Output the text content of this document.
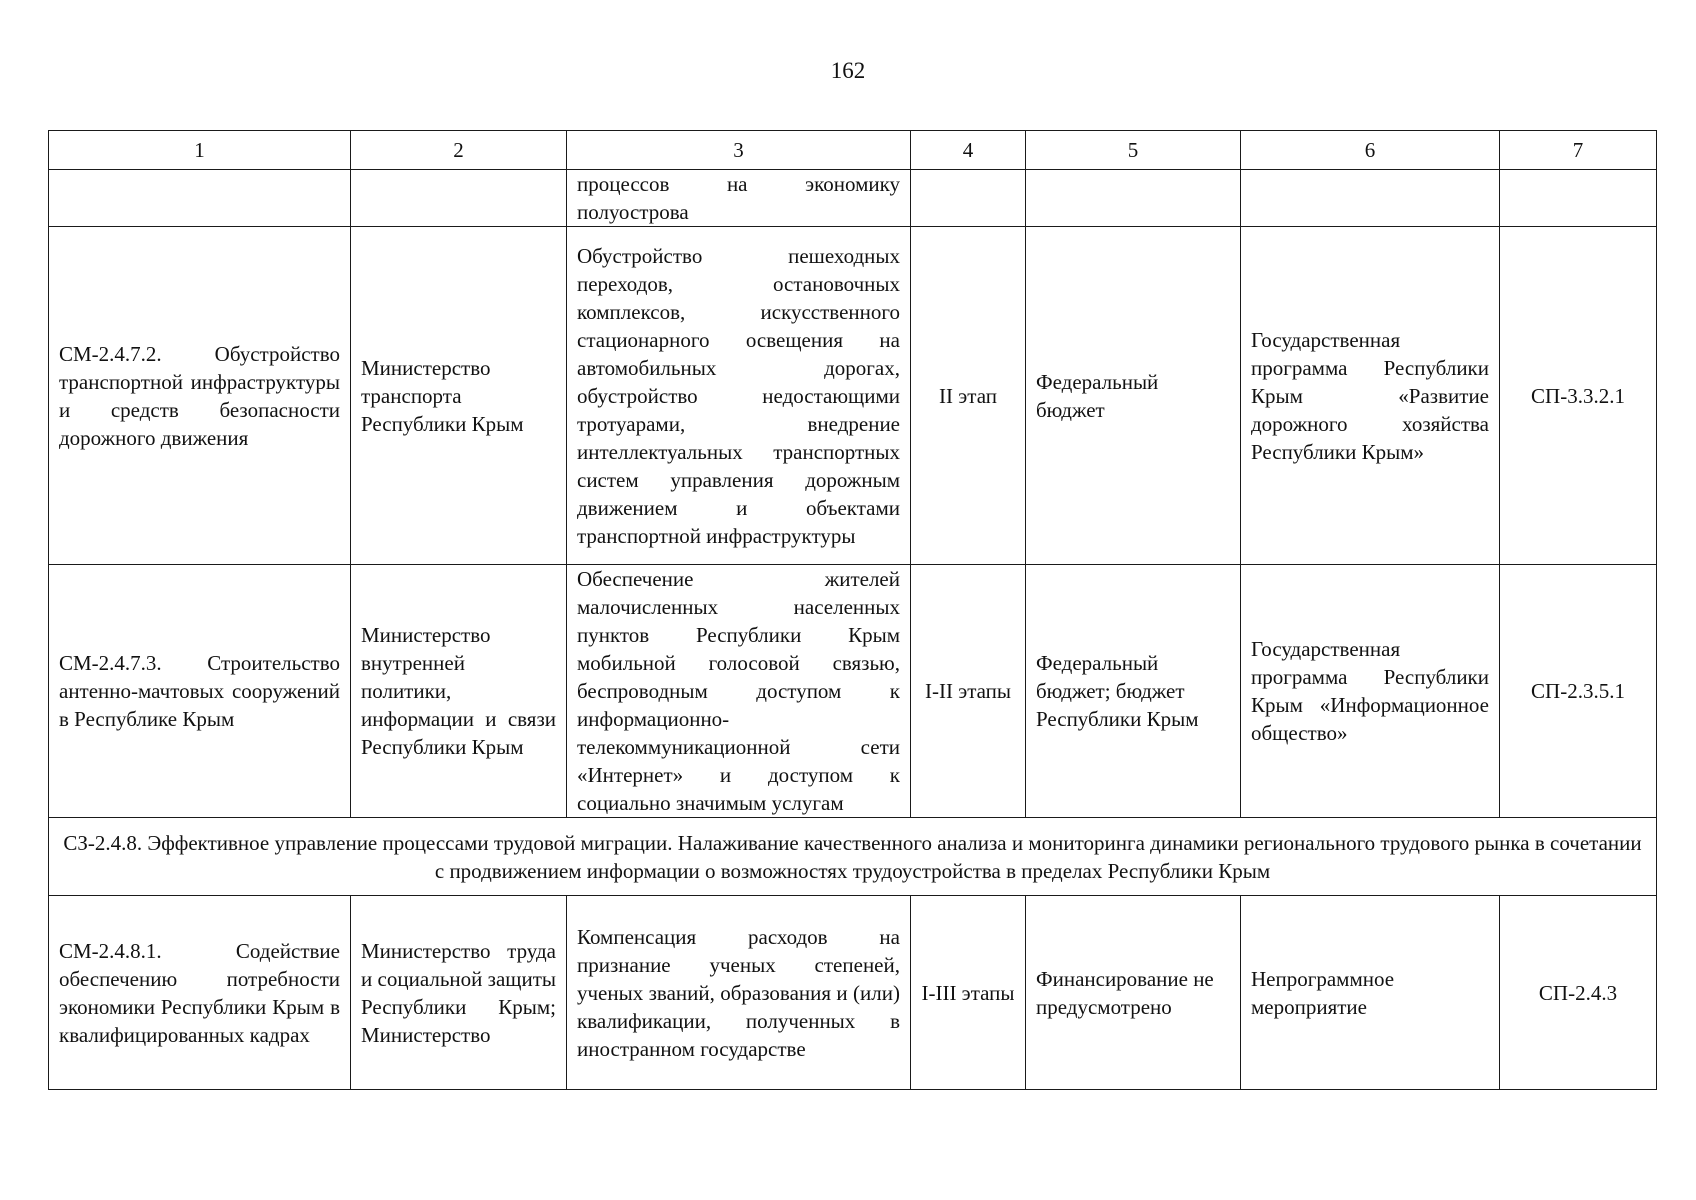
162
1	2	3	4	5	6	7
		процессов на экономику полуострова				
СМ-2.4.7.2. Обустройство транспортной инфраструктуры и средств безопасности дорожного движения	Министерство транспорта Республики Крым	Обустройство пешеходных переходов, остановочных комплексов, искусственного стационарного освещения на автомобильных дорогах, обустройство недостающими тротуарами, внедрение интеллектуальных транспортных систем управления дорожным движением и объектами транспортной инфраструктуры	II этап	Федеральный бюджет	Государственная программа Республики Крым «Развитие дорожного хозяйства Республики Крым»	СП-3.3.2.1
СМ-2.4.7.3. Строительство антенно-мачтовых сооружений в Республике Крым	Министерство внутренней политики, информации и связи Республики Крым	Обеспечение жителей малочисленных населенных пунктов Республики Крым мобильной голосовой связью, беспроводным доступом к информационно-телекоммуникационной сети «Интернет» и доступом к социально значимым услугам	I-II этапы	Федеральный бюджет; бюджет Республики Крым	Государственная программа Республики Крым «Информационное общество»	СП-2.3.5.1
СЗ-2.4.8. Эффективное управление процессами трудовой миграции. Налаживание качественного анализа и мониторинга динамики регионального трудового рынка в сочетании с продвижением информации о возможностях трудоустройства в пределах Республики Крым						
СМ-2.4.8.1. Содействие обеспечению потребности экономики Республики Крым в квалифицированных кадрах	Министерство труда и социальной защиты Республики Крым; Министерство	Компенсация расходов на признание ученых степеней, ученых званий, образования и (или) квалификации, полученных в иностранном государстве	I-III этапы	Финансирование не предусмотрено	Непрограммное мероприятие	СП-2.4.3
